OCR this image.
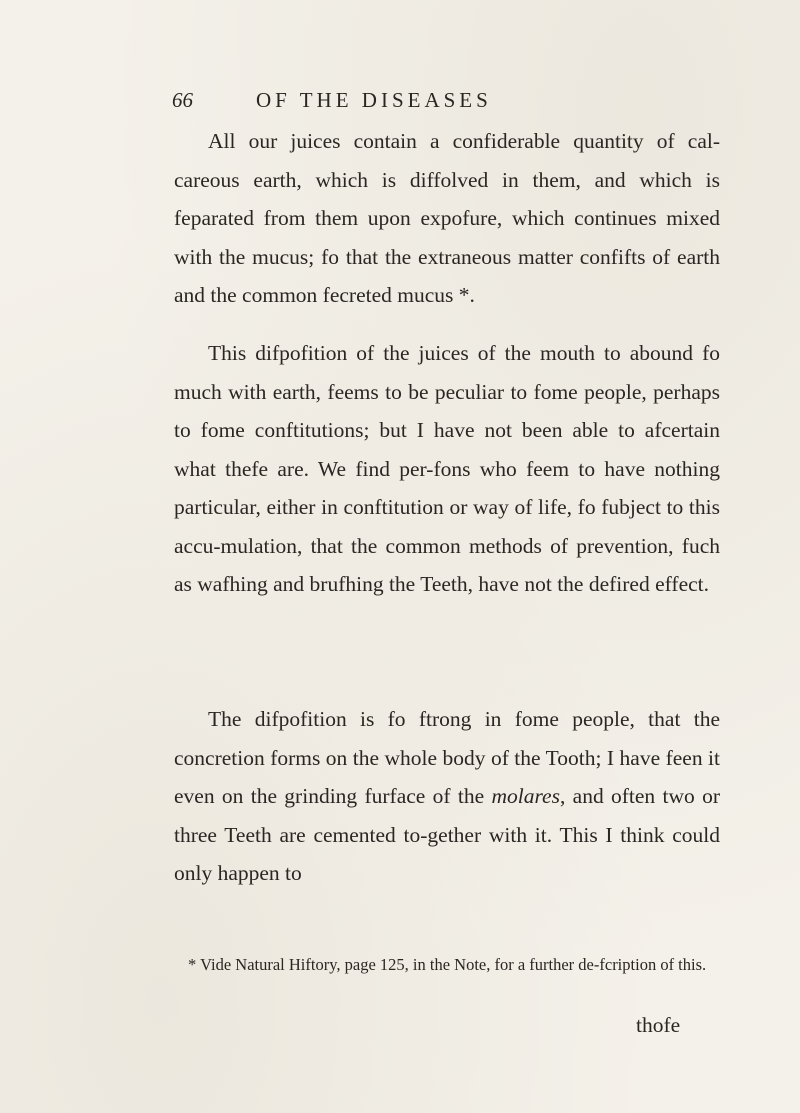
66	OF THE DISEASES

All our juices contain a confiderable quantity of cal-careous earth, which is diffolved in them, and which is feparated from them upon expofure, which continues mixed with the mucus; fo that the extraneous matter confifts of earth and the common fecreted mucus *.

This difpofition of the juices of the mouth to abound fo much with earth, feems to be peculiar to fome people, perhaps to fome conftitutions; but I have not been able to afcertain what thefe are. We find per-fons who feem to have nothing particular, either in conftitution or way of life, fo fubject to this accu-mulation, that the common methods of prevention, fuch as wafhing and brufhing the Teeth, have not the defired effect.

The difpofition is fo ftrong in fome people, that the concretion forms on the whole body of the Tooth; I have feen it even on the grinding furface of the molares, and often two or three Teeth are cemented to-gether with it. This I think could only happen to

* Vide Natural Hiftory, page 125, in the Note, for a further de-fcription of this.

thofe
